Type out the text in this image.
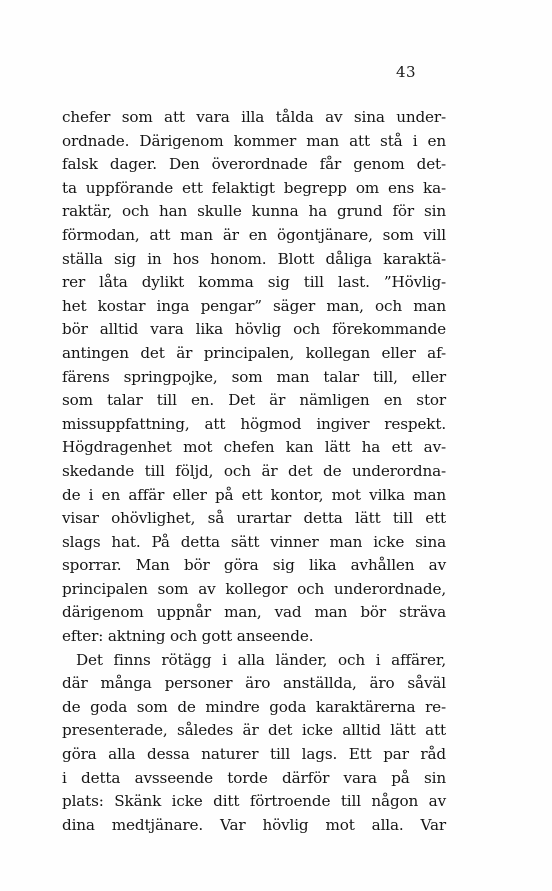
43
chefer som att vara illa tålda av sina under-
ordnade. Därigenom kommer man att stå i en
falsk dager. Den överordnade får genom det-
ta uppförande ett felaktigt begrepp om ens ka-
raktär, och han skulle kunna ha grund för sin
förmodan, att man är en ögontjänare, som vill
ställa sig in hos honom. Blott dåliga karaktä-
rer låta dylikt komma sig till last. ”Hövlig-
het kostar inga pengar” säger man, och man
bör alltid vara lika hövlig och förekommande
antingen det är principalen, kollegan eller af-
färens springpojke, som man talar till, eller
som talar till en. Det är nämligen en stor
missuppfattning, att högmod ingiver respekt.
Högdragenhet mot chefen kan lätt ha ett av-
skedande till följd, och är det de underordna-
de i en affär eller på ett kontor, mot vilka man
visar ohövlighet, så urartar detta lätt till ett
slags hat. På detta sätt vinner man icke sina
sporrar. Man bör göra sig lika avhållen av
principalen som av kollegor och underordnade,
därigenom uppnår man, vad man bör sträva
efter: aktning och gott anseende.
Det finns rötägg i alla länder, och i affärer,
där många personer äro anställda, äro såväl
de goda som de mindre goda karaktärerna re-
presenterade, således är det icke alltid lätt att
göra alla dessa naturer till lags. Ett par råd
i detta avsseende torde därför vara på sin
plats: Skänk icke ditt förtroende till någon av
dina medtjänare. Var hövlig mot alla. Var
